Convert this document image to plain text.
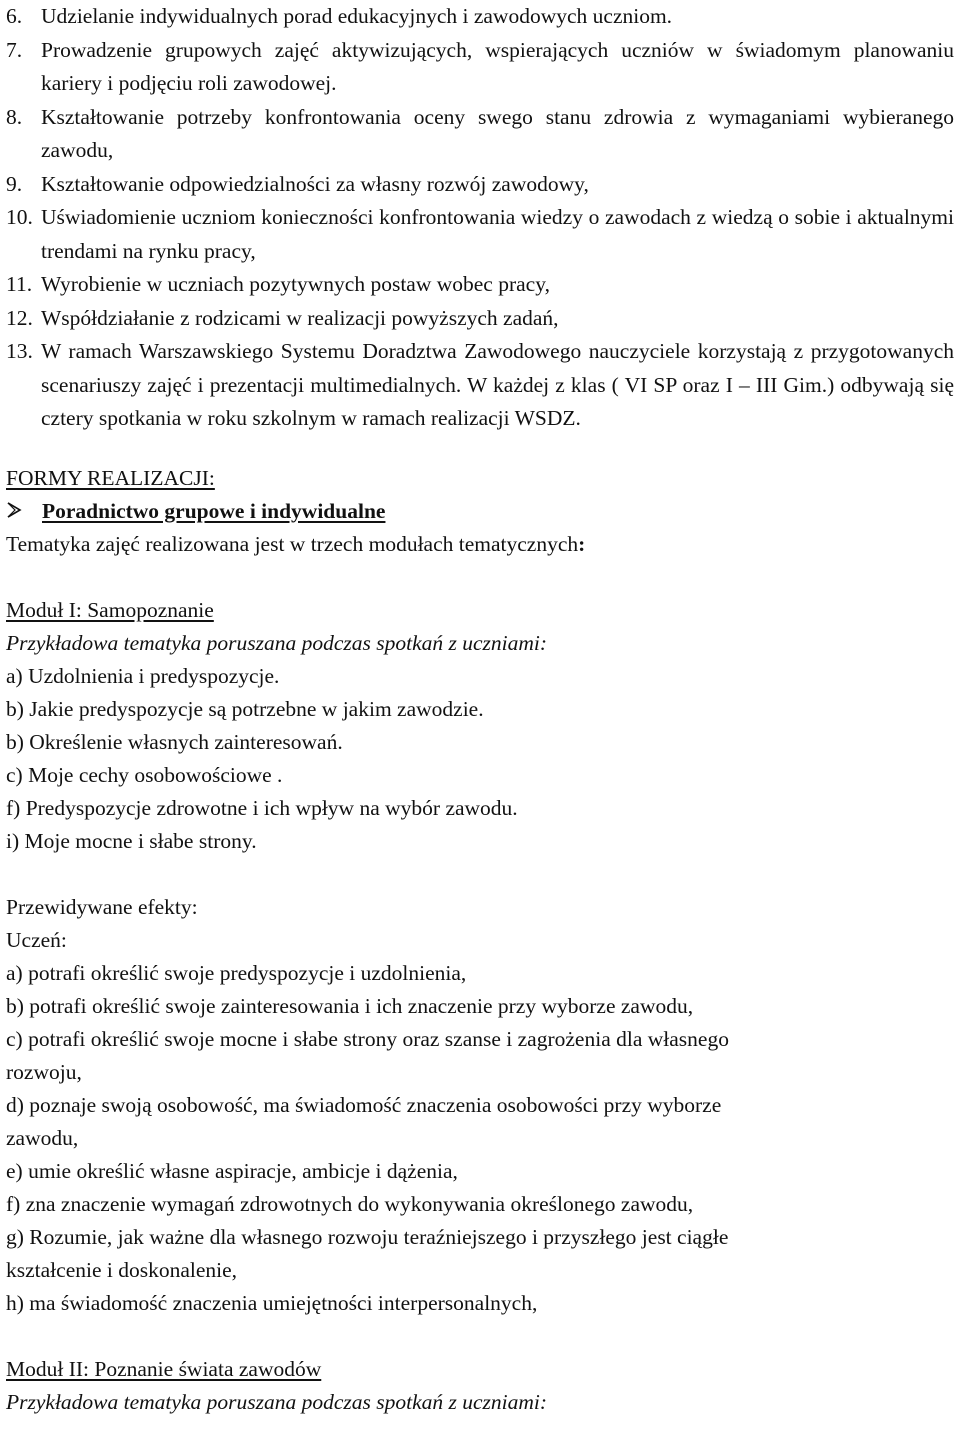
6. Udzielanie indywidualnych porad edukacyjnych i zawodowych uczniom.
7. Prowadzenie grupowych zajęć aktywizujących, wspierających uczniów w świadomym planowaniu kariery i podjęciu roli zawodowej.
8. Kształtowanie potrzeby konfrontowania oceny swego stanu zdrowia z wymaganiami wybieranego zawodu,
9. Kształtowanie odpowiedzialności za własny rozwój zawodowy,
10. Uświadomienie uczniom konieczności konfrontowania wiedzy o zawodach z wiedzą o sobie i aktualnymi trendami na rynku pracy,
11. Wyrobienie w uczniach pozytywnych postaw wobec pracy,
12. Współdziałanie z rodzicami w realizacji powyższych zadań,
13. W ramach Warszawskiego Systemu Doradztwa Zawodowego nauczyciele korzystają z przygotowanych scenariuszy zajęć i prezentacji multimedialnych. W każdej z klas ( VI SP oraz I – III Gim.) odbywają się cztery spotkania w roku szkolnym w ramach realizacji WSDZ.
FORMY REALIZACJI:
Poradnictwo grupowe i indywidualne
Tematyka zajęć realizowana jest w trzech modułach tematycznych:
Moduł I: Samopoznanie
Przykładowa tematyka poruszana podczas spotkań z uczniami:
a) Uzdolnienia i predyspozycje.
b) Jakie predyspozycje są potrzebne w jakim zawodzie.
b) Określenie własnych zainteresowań.
c) Moje cechy osobowościowe .
f) Predyspozycje zdrowotne i ich wpływ na wybór zawodu.
i) Moje mocne i słabe strony.
Przewidywane efekty:
Uczeń:
a) potrafi określić swoje predyspozycje i uzdolnienia,
b) potrafi określić swoje zainteresowania i ich znaczenie przy wyborze zawodu,
c) potrafi określić swoje mocne i słabe strony oraz szanse i zagrożenia dla własnego
rozwoju,
d) poznaje swoją osobowość, ma świadomość znaczenia osobowości przy wyborze
zawodu,
e) umie określić własne aspiracje, ambicje i dążenia,
f) zna znaczenie wymagań zdrowotnych do wykonywania określonego zawodu,
g) Rozumie, jak ważne dla własnego rozwoju teraźniejszego i przyszłego jest ciągłe
kształcenie i doskonalenie,
h) ma świadomość znaczenia umiejętności interpersonalnych,
Moduł II: Poznanie świata zawodów
Przykładowa tematyka poruszana podczas spotkań z uczniami:
